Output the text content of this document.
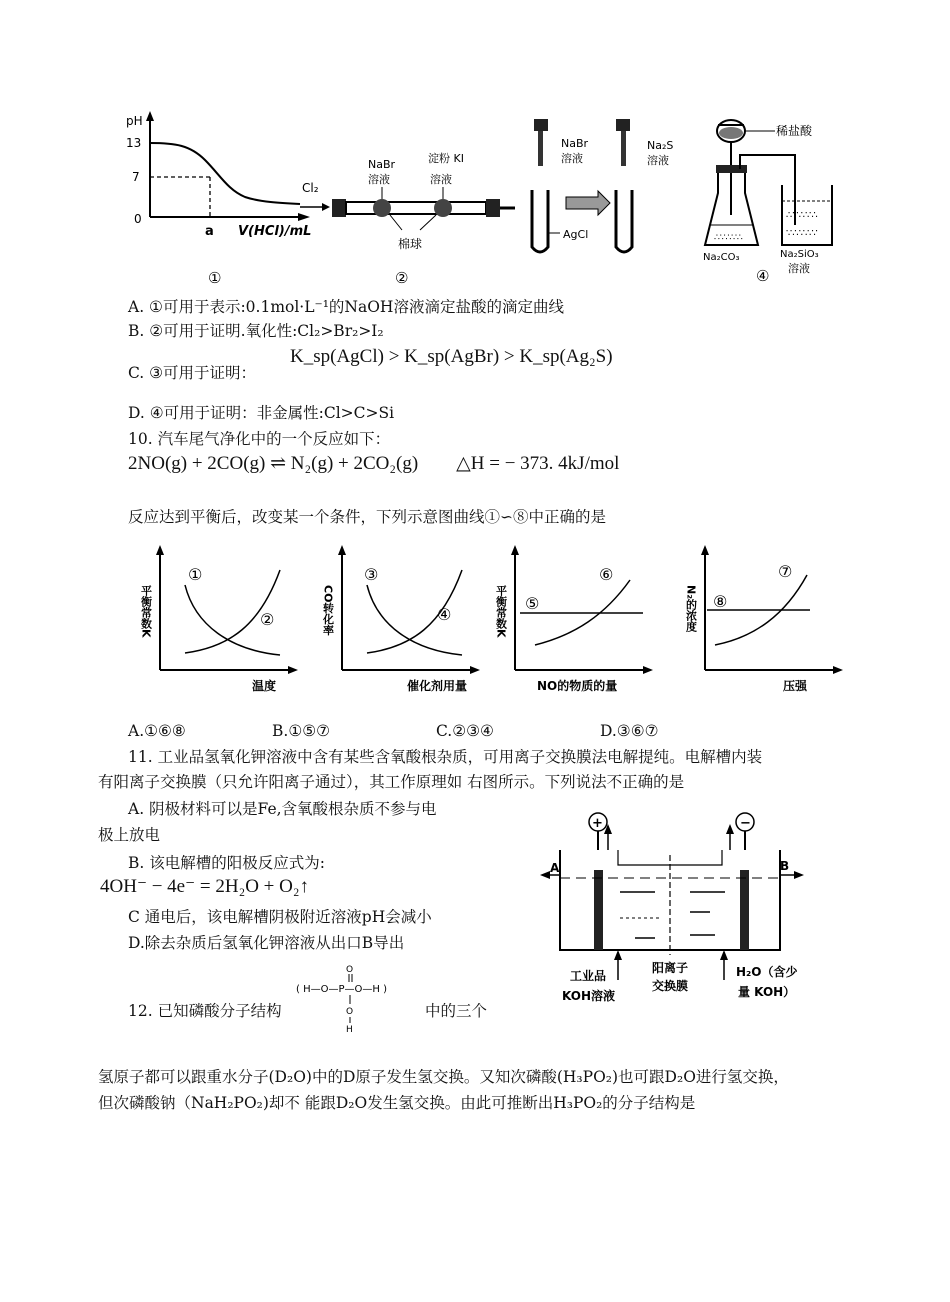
pH
13
7
0
a V(HCl)/mL
①
Cl₂
NaBr
溶液
淀粉 KI
溶液
棉球
②
NaBr
溶液
AgCl
Na₂S
溶液
稀盐酸
∴∵∴∵∴
∴∵∴∵∴
∵∴∵∴∵
Na₂CO₃	Na₂SiO₃
溶液
④
A. ①可用于表示:0.1mol·L⁻¹的NaOH溶液滴定盐酸的滴定曲线
B. ②可用于证明.氧化性:Cl₂>Br₂>I₂
C. ③可用于证明：
K_sp(AgCl) > K_sp(AgBr) > K_sp(Ag₂S)
D. ④可用于证明：非金属性:Cl>C>Si
10. 汽车尾气净化中的一个反应如下：
2NO(g) + 2CO(g) ⇌ N₂(g) + 2CO₂(g)        △H = − 373. 4kJ/mol
反应达到平衡后，改变某一个条件，下列示意图曲线①∽⑧中正确的是
平衡常数K
①
②
温度
CO转化率
③
④
催化剂用量
平衡常数K ⑤
⑥
NO的物质的量
N₂的浓度
⑦
⑧
压强
A.①⑥⑧	B.①⑤⑦	C.②③④	D.③⑥⑦
11. 工业品氢氧化钾溶液中含有某些含氧酸根杂质，可用离子交换膜法电解提纯。电解槽内装
有阳离子交换膜（只允许阳离子通过），其工作原理如 右图所示。下列说法不正确的是
A. 阴极材料可以是Fe,含氧酸根杂质不参与电
极上放电
B. 该电解槽的阳极反应式为:
4OH⁻ − 4e⁻ = 2H₂O + O₂↑
C 通电后，该电解槽阴极附近溶液pH会减小
D.除去杂质后氢氧化钾溶液从出口B导出
+	−
A	B
工业品
KOH溶液
阳离子
交换膜
H₂O（含少
量 KOH）
12. 已知磷酸分子结构
O
( H—O—P—O—H )
O
H
中的三个
氢原子都可以跟重水分子(D₂O)中的D原子发生氢交换。又知次磷酸(H₃PO₂)也可跟D₂O进行氢交换，
但次磷酸钠（NaH₂PO₂)却不 能跟D₂O发生氢交换。由此可推断出H₃PO₂的分子结构是
